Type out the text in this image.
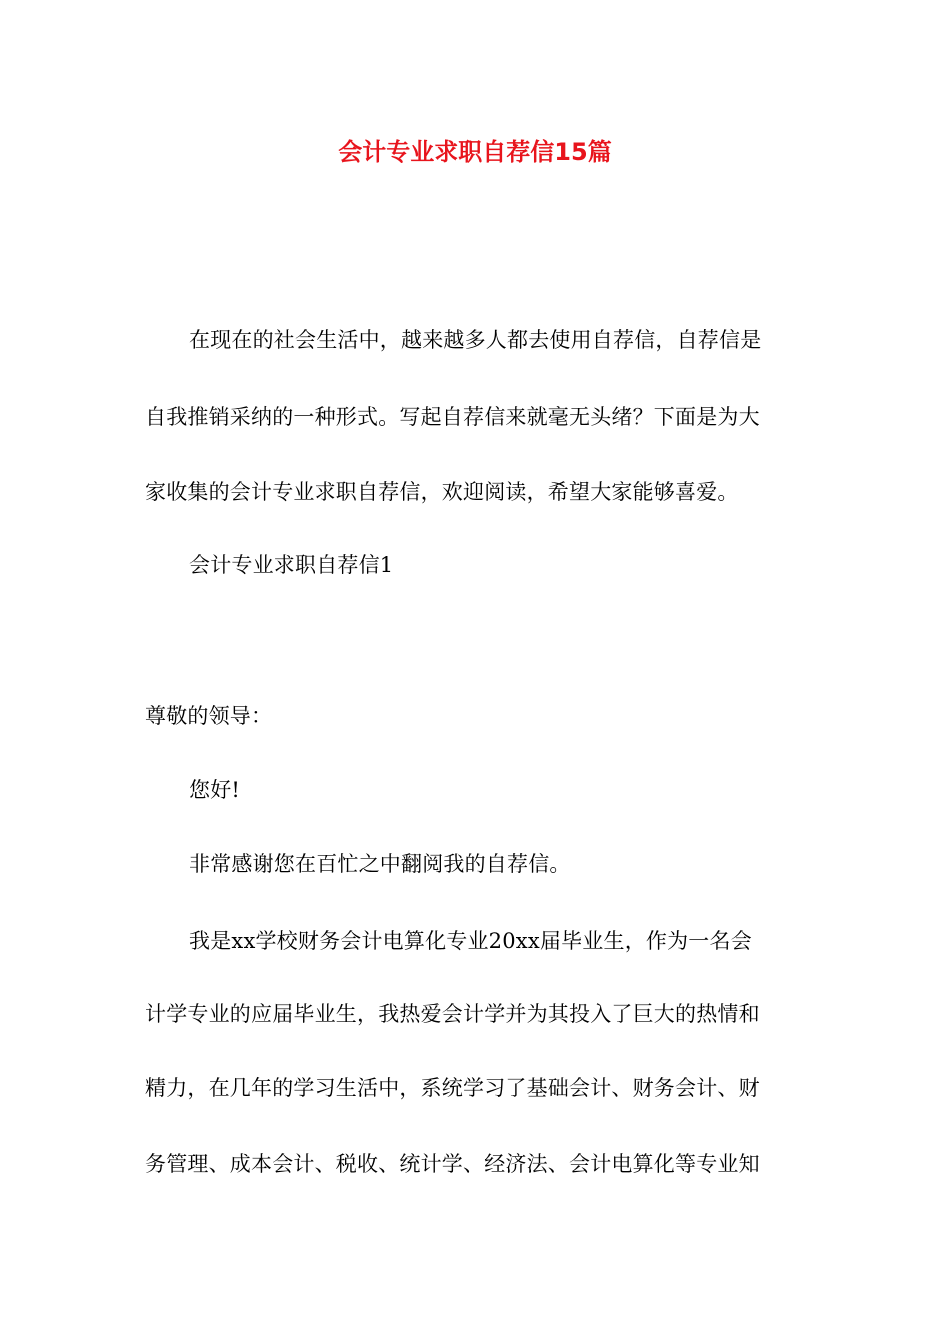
会计专业求职自荐信15篇
在现在的社会生活中，越来越多人都去使用自荐信，自荐信是
自我推销采纳的一种形式。写起自荐信来就毫无头绪？下面是为大
家收集的会计专业求职自荐信，欢迎阅读，希望大家能够喜爱。
会计专业求职自荐信1
尊敬的领导：
您好!
非常感谢您在百忙之中翻阅我的自荐信。
我是xx学校财务会计电算化专业20xx届毕业生，作为一名会
计学专业的应届毕业生，我热爱会计学并为其投入了巨大的热情和
精力，在几年的学习生活中，系统学习了基础会计、财务会计、财
务管理、成本会计、税收、统计学、经济法、会计电算化等专业知
